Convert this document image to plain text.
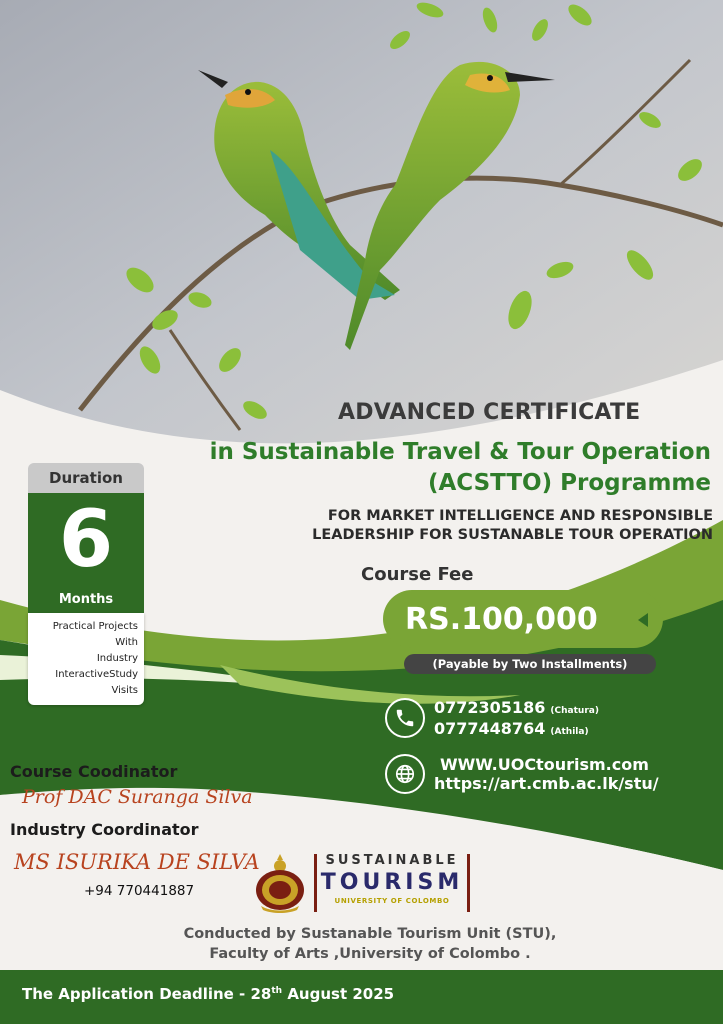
ADVANCED CERTIFICATE
in Sustainable Travel & Tour Operation
(ACSTTO) Programme
FOR MARKET INTELLIGENCE AND RESPONSIBLE
LEADERSHIP FOR SUSTANABLE TOUR OPERATION
Duration
6
Months
Practical Projects
With
Industry
InteractiveStudy
Visits
Course Fee
RS.100,000
(Payable by Two Installments)
0772305186 (Chatura)
0777448764 (Athila)
WWW.UOCtourism.com
https://art.cmb.ac.lk/stu/
Course Coodinator
Prof DAC Suranga Silva
Industry Coordinator
MS ISURIKA DE SILVA
+94 770441887
SUSTAINABLE
TOURISM
UNIVERSITY OF COLOMBO
Conducted by Sustanable Tourism Unit (STU),
Faculty of Arts ,University of Colombo .
The Application Deadline - 28th August 2025
